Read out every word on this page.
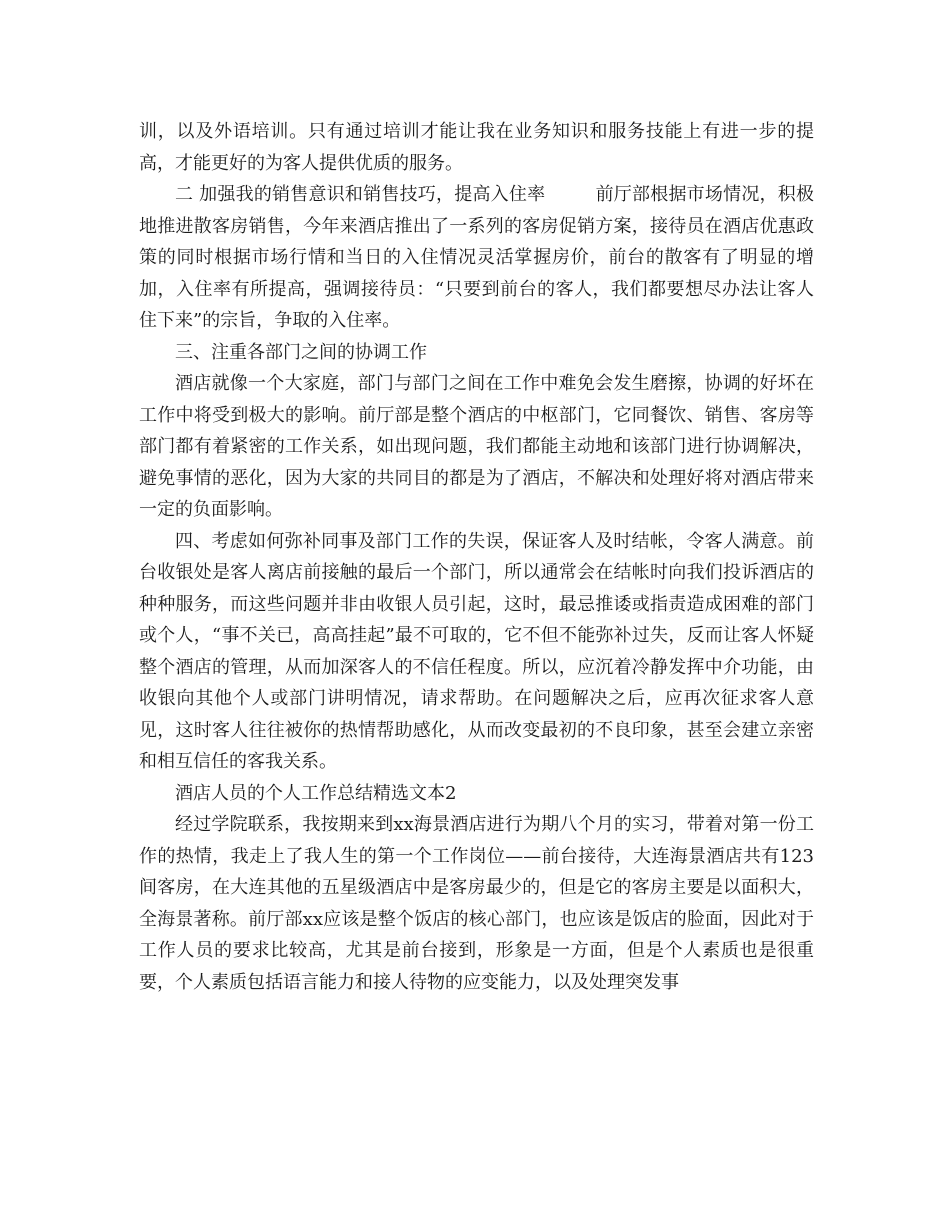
训，以及外语培训。只有通过培训才能让我在业务知识和服务技能上有进一步的提高，才能更好的为客人提供优质的服务。

二 加强我的销售意识和销售技巧，提高入住率	前厅部根据市场情况，积极地推进散客房销售，今年来酒店推出了一系列的客房促销方案，接待员在酒店优惠政策的同时根据市场行情和当日的入住情况灵活掌握房价，前台的散客有了明显的增加，入住率有所提高，强调接待员：“只要到前台的客人，我们都要想尽办法让客人住下来”的宗旨，争取的入住率。

三、注重各部门之间的协调工作

酒店就像一个大家庭，部门与部门之间在工作中难免会发生磨擦，协调的好坏在工作中将受到极大的影响。前厅部是整个酒店的中枢部门，它同餐饮、销售、客房等部门都有着紧密的工作关系，如出现问题，我们都能主动地和该部门进行协调解决，避免事情的恶化，因为大家的共同目的都是为了酒店，不解决和处理好将对酒店带来一定的负面影响。

四、考虑如何弥补同事及部门工作的失误，保证客人及时结帐，令客人满意。前台收银处是客人离店前接触的最后一个部门，所以通常会在结帐时向我们投诉酒店的种种服务，而这些问题并非由收银人员引起，这时，最忌推诿或指责造成困难的部门或个人，“事不关已，高高挂起”最不可取的，它不但不能弥补过失，反而让客人怀疑整个酒店的管理，从而加深客人的不信任程度。所以，应沉着冷静发挥中介功能，由收银向其他个人或部门讲明情况，请求帮助。在问题解决之后，应再次征求客人意见，这时客人往往被你的热情帮助感化，从而改变最初的不良印象，甚至会建立亲密和相互信任的客我关系。

酒店人员的个人工作总结精选文本2

经过学院联系，我按期来到xx海景酒店进行为期八个月的实习，带着对第一份工作的热情，我走上了我人生的第一个工作岗位——前台接待，大连海景酒店共有123间客房，在大连其他的五星级酒店中是客房最少的，但是它的客房主要是以面积大，全海景著称。前厅部xx应该是整个饭店的核心部门，也应该是饭店的脸面，因此对于工作人员的要求比较高，尤其是前台接到，形象是一方面，但是个人素质也是很重要，个人素质包括语言能力和接人待物的应变能力，以及处理突发事
